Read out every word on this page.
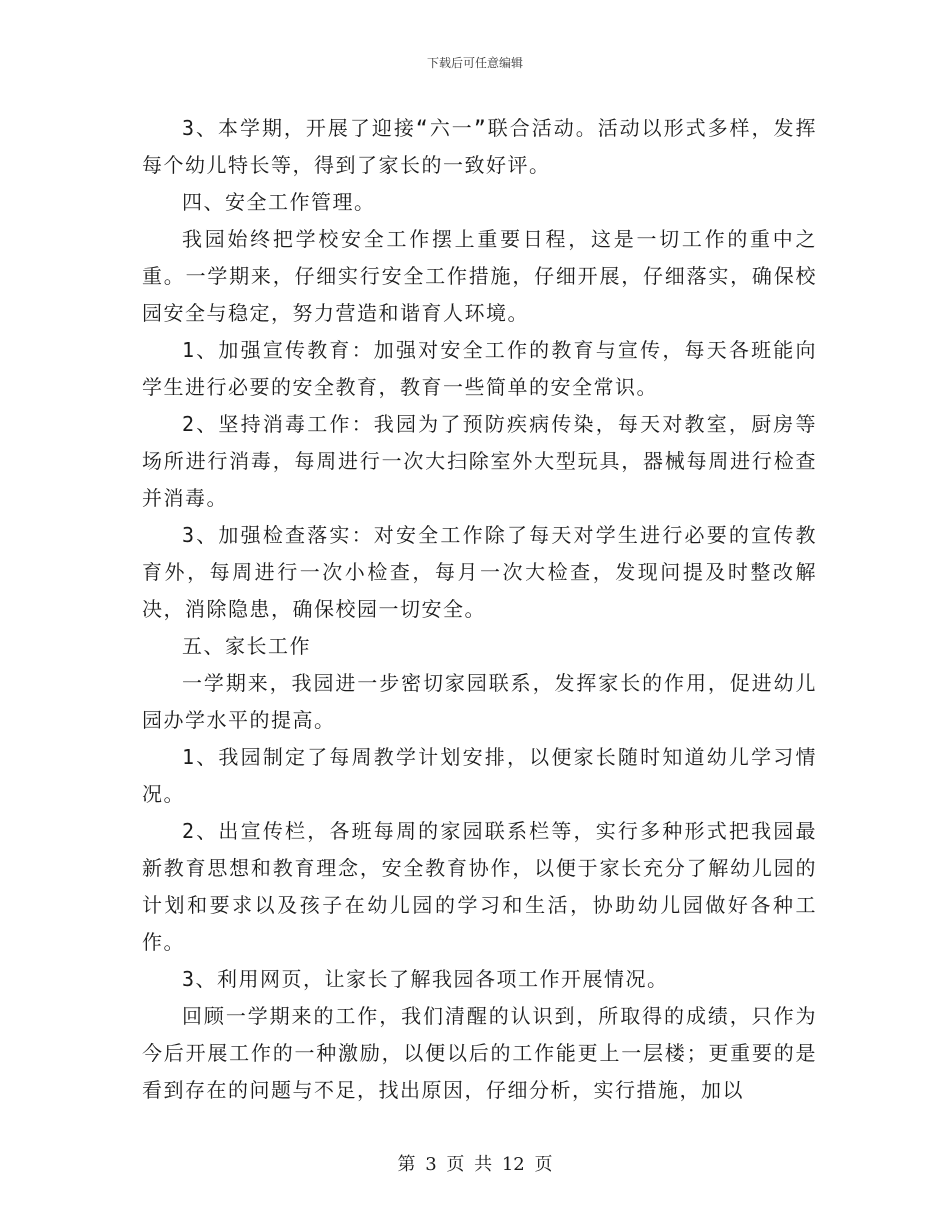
下载后可任意编辑

3、本学期，开展了迎接“六一”联合活动。活动以形式多样，发挥每个幼儿特长等，得到了家长的一致好评。

四、安全工作管理。

我园始终把学校安全工作摆上重要日程，这是一切工作的重中之重。一学期来，仔细实行安全工作措施，仔细开展，仔细落实，确保校园安全与稳定，努力营造和谐育人环境。

1、加强宣传教育：加强对安全工作的教育与宣传，每天各班能向学生进行必要的安全教育，教育一些简单的安全常识。

2、坚持消毒工作：我园为了预防疾病传染，每天对教室，厨房等场所进行消毒，每周进行一次大扫除室外大型玩具，器械每周进行检查并消毒。

3、加强检查落实：对安全工作除了每天对学生进行必要的宣传教育外，每周进行一次小检查，每月一次大检查，发现问提及时整改解决，消除隐患，确保校园一切安全。

五、家长工作

一学期来，我园进一步密切家园联系，发挥家长的作用，促进幼儿园办学水平的提高。

1、我园制定了每周教学计划安排，以便家长随时知道幼儿学习情况。

2、出宣传栏，各班每周的家园联系栏等，实行多种形式把我园最新教育思想和教育理念，安全教育协作，以便于家长充分了解幼儿园的计划和要求以及孩子在幼儿园的学习和生活，协助幼儿园做好各种工作。

3、利用网页，让家长了解我园各项工作开展情况。

回顾一学期来的工作，我们清醒的认识到，所取得的成绩，只作为今后开展工作的一种激励，以便以后的工作能更上一层楼；更重要的是看到存在的问题与不足，找出原因，仔细分析，实行措施，加以

第 3 页 共 12 页
